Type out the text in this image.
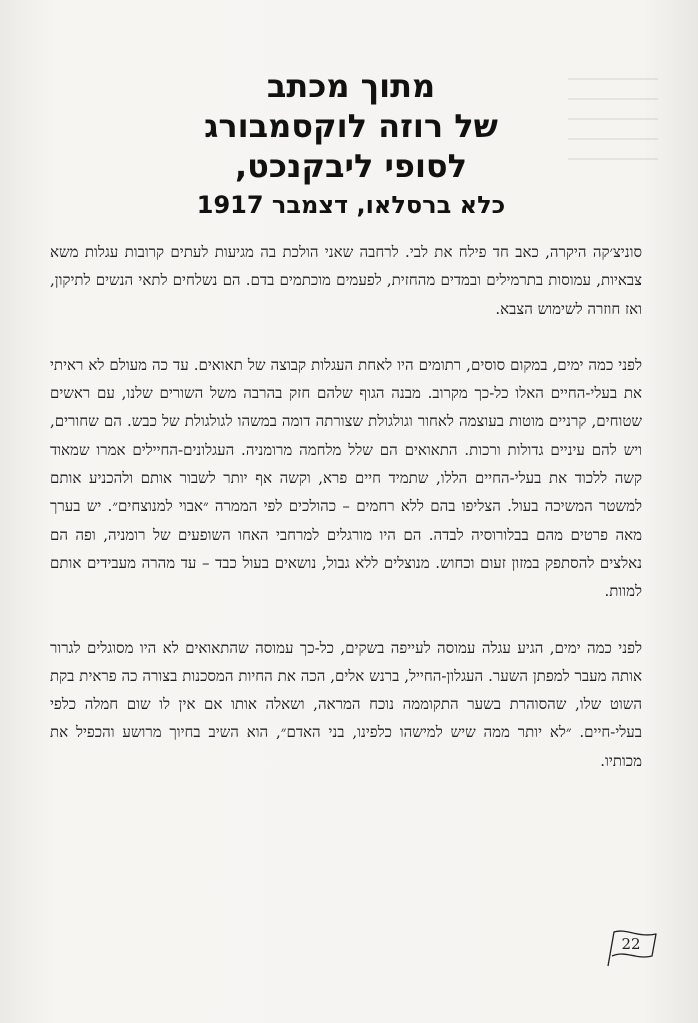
מתוך מכתב
של רוזה לוקסמבורג
לסופי ליבקנכט,
כלא ברסלאו, דצמבר 1917

סוניצ׳קה היקרה, כאב חד פילח את לבי. לרחבה שאני הולכת בה מגיעות לעתים קרובות עגלות משא צבאיות, עמוסות בתרמילים ובמדים מהחזית, לפעמים מוכתמים בדם. הם נשלחים לתאי הנשים לתיקון, ואז חוזרה לשימוש הצבא.

לפני כמה ימים, במקום סוסים, רתומים היו לאחת העגלות קבוצה של תאואים. עד כה מעולם לא ראיתי את בעלי-החיים האלו כל-כך מקרוב. מבנה הגוף שלהם חזק בהרבה משל השורים שלנו, עם ראשים שטוחים, קרניים מוטות בעוצמה לאחור וגולגולת שצורתה דומה במשהו לגולגולת של כבש. הם שחורים, ויש להם עיניים גדולות ורכות. התאואים הם שלל מלחמה מרומניה. העגלונים-החיילים אמרו שמאוד קשה ללכוד את בעלי-החיים הללו, שתמיד חיים פרא, וקשה אף יותר לשבור אותם ולהכניע אותם למשטר המשיכה בעול. הצליפו בהם ללא רחמים – כהולכים לפי הממרה ״אבוי למנוצחים״. יש בערך מאה פרטים מהם בבלורוסיה לבדה. הם היו מורגלים למרחבי האחו השופעים של רומניה, ופה הם נאלצים להסתפק במזון זעום וכחוש. מנוצלים ללא גבול, נושאים בעול כבד – עד מהרה מעבידים אותם למוות.

לפני כמה ימים, הגיע עגלה עמוסה לעייפה בשקים, כל-כך עמוסה שהתאואים לא היו מסוגלים לגרור אותה מעבר למפתן השער. העגלון-החייל, ברנש אלים, הכה את החיות המסכנות בצורה כה פראית בקת השוט שלו, שהסוהרת בשער התקוממה נוכח המראה, ושאלה אותו אם אין לו שום חמלה כלפי בעלי-חיים. ״לא יותר ממה שיש למישהו כלפינו, בני האדם״, הוא השיב בחיוך מרושע והכפיל את מכותיו.

22
